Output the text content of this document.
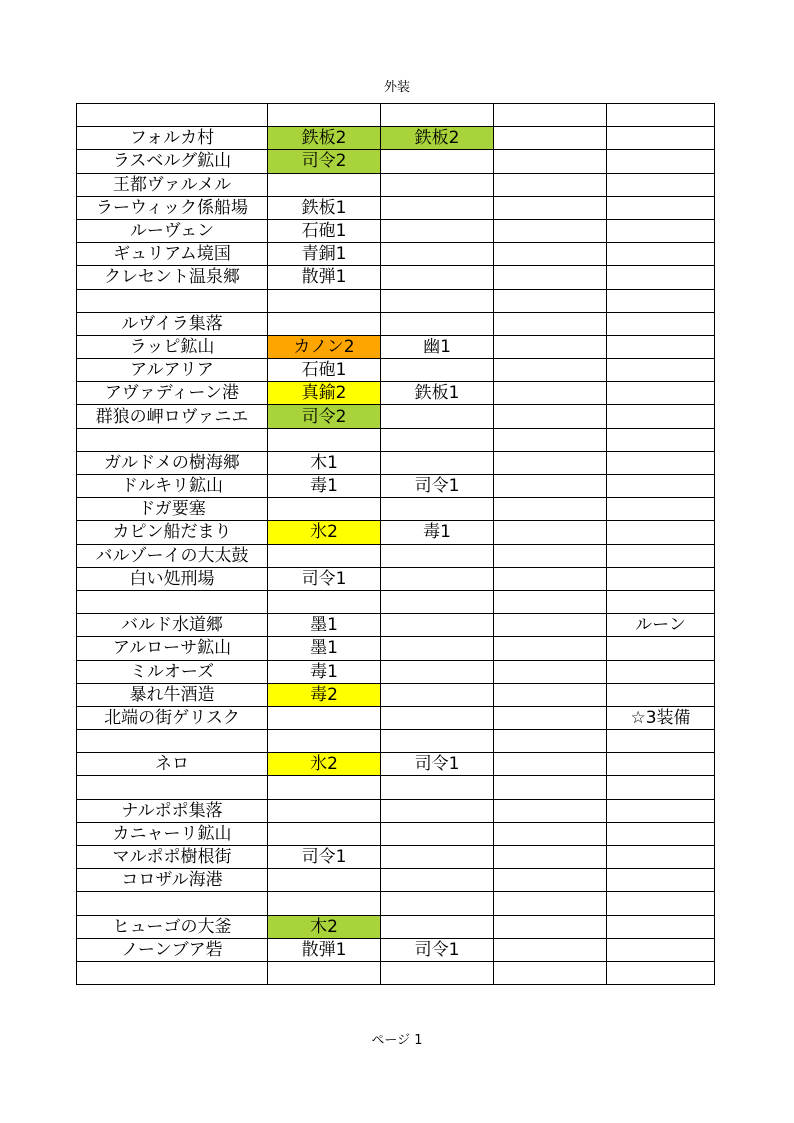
外装

フォルカ村	鉄板2	鉄板2		
ラスベルグ鉱山	司令2			
王都ヴァルメル				
ラーウィック係船場	鉄板1			
ルーヴェン	石砲1			
ギュリアム境国	青銅1			
クレセント温泉郷	散弾1			

ルヴイラ集落				
ラッピ鉱山	カノン2	幽1		
アルアリア	石砲1			
アヴァディーン港	真鍮2	鉄板1		
群狼の岬ロヴァニエ	司令2			

ガルドメの樹海郷	木1			
ドルキリ鉱山	毒1	司令1		
ドガ要塞				
カピン船だまり	氷2	毒1		
バルゾーイの大太鼓				
白い処刑場	司令1			

バルド水道郷	墨1			ルーン
アルローサ鉱山	墨1			
ミルオーズ	毒1			
暴れ牛酒造	毒2			
北端の街ゲリスク				☆3装備

ネロ	氷2	司令1		

ナルポポ集落				
カニャーリ鉱山				
マルポポ樹根街	司令1			
コロザル海港				

ヒューゴの大釜	木2			
ノーンブア砦	散弾1	司令1		

ページ 1
